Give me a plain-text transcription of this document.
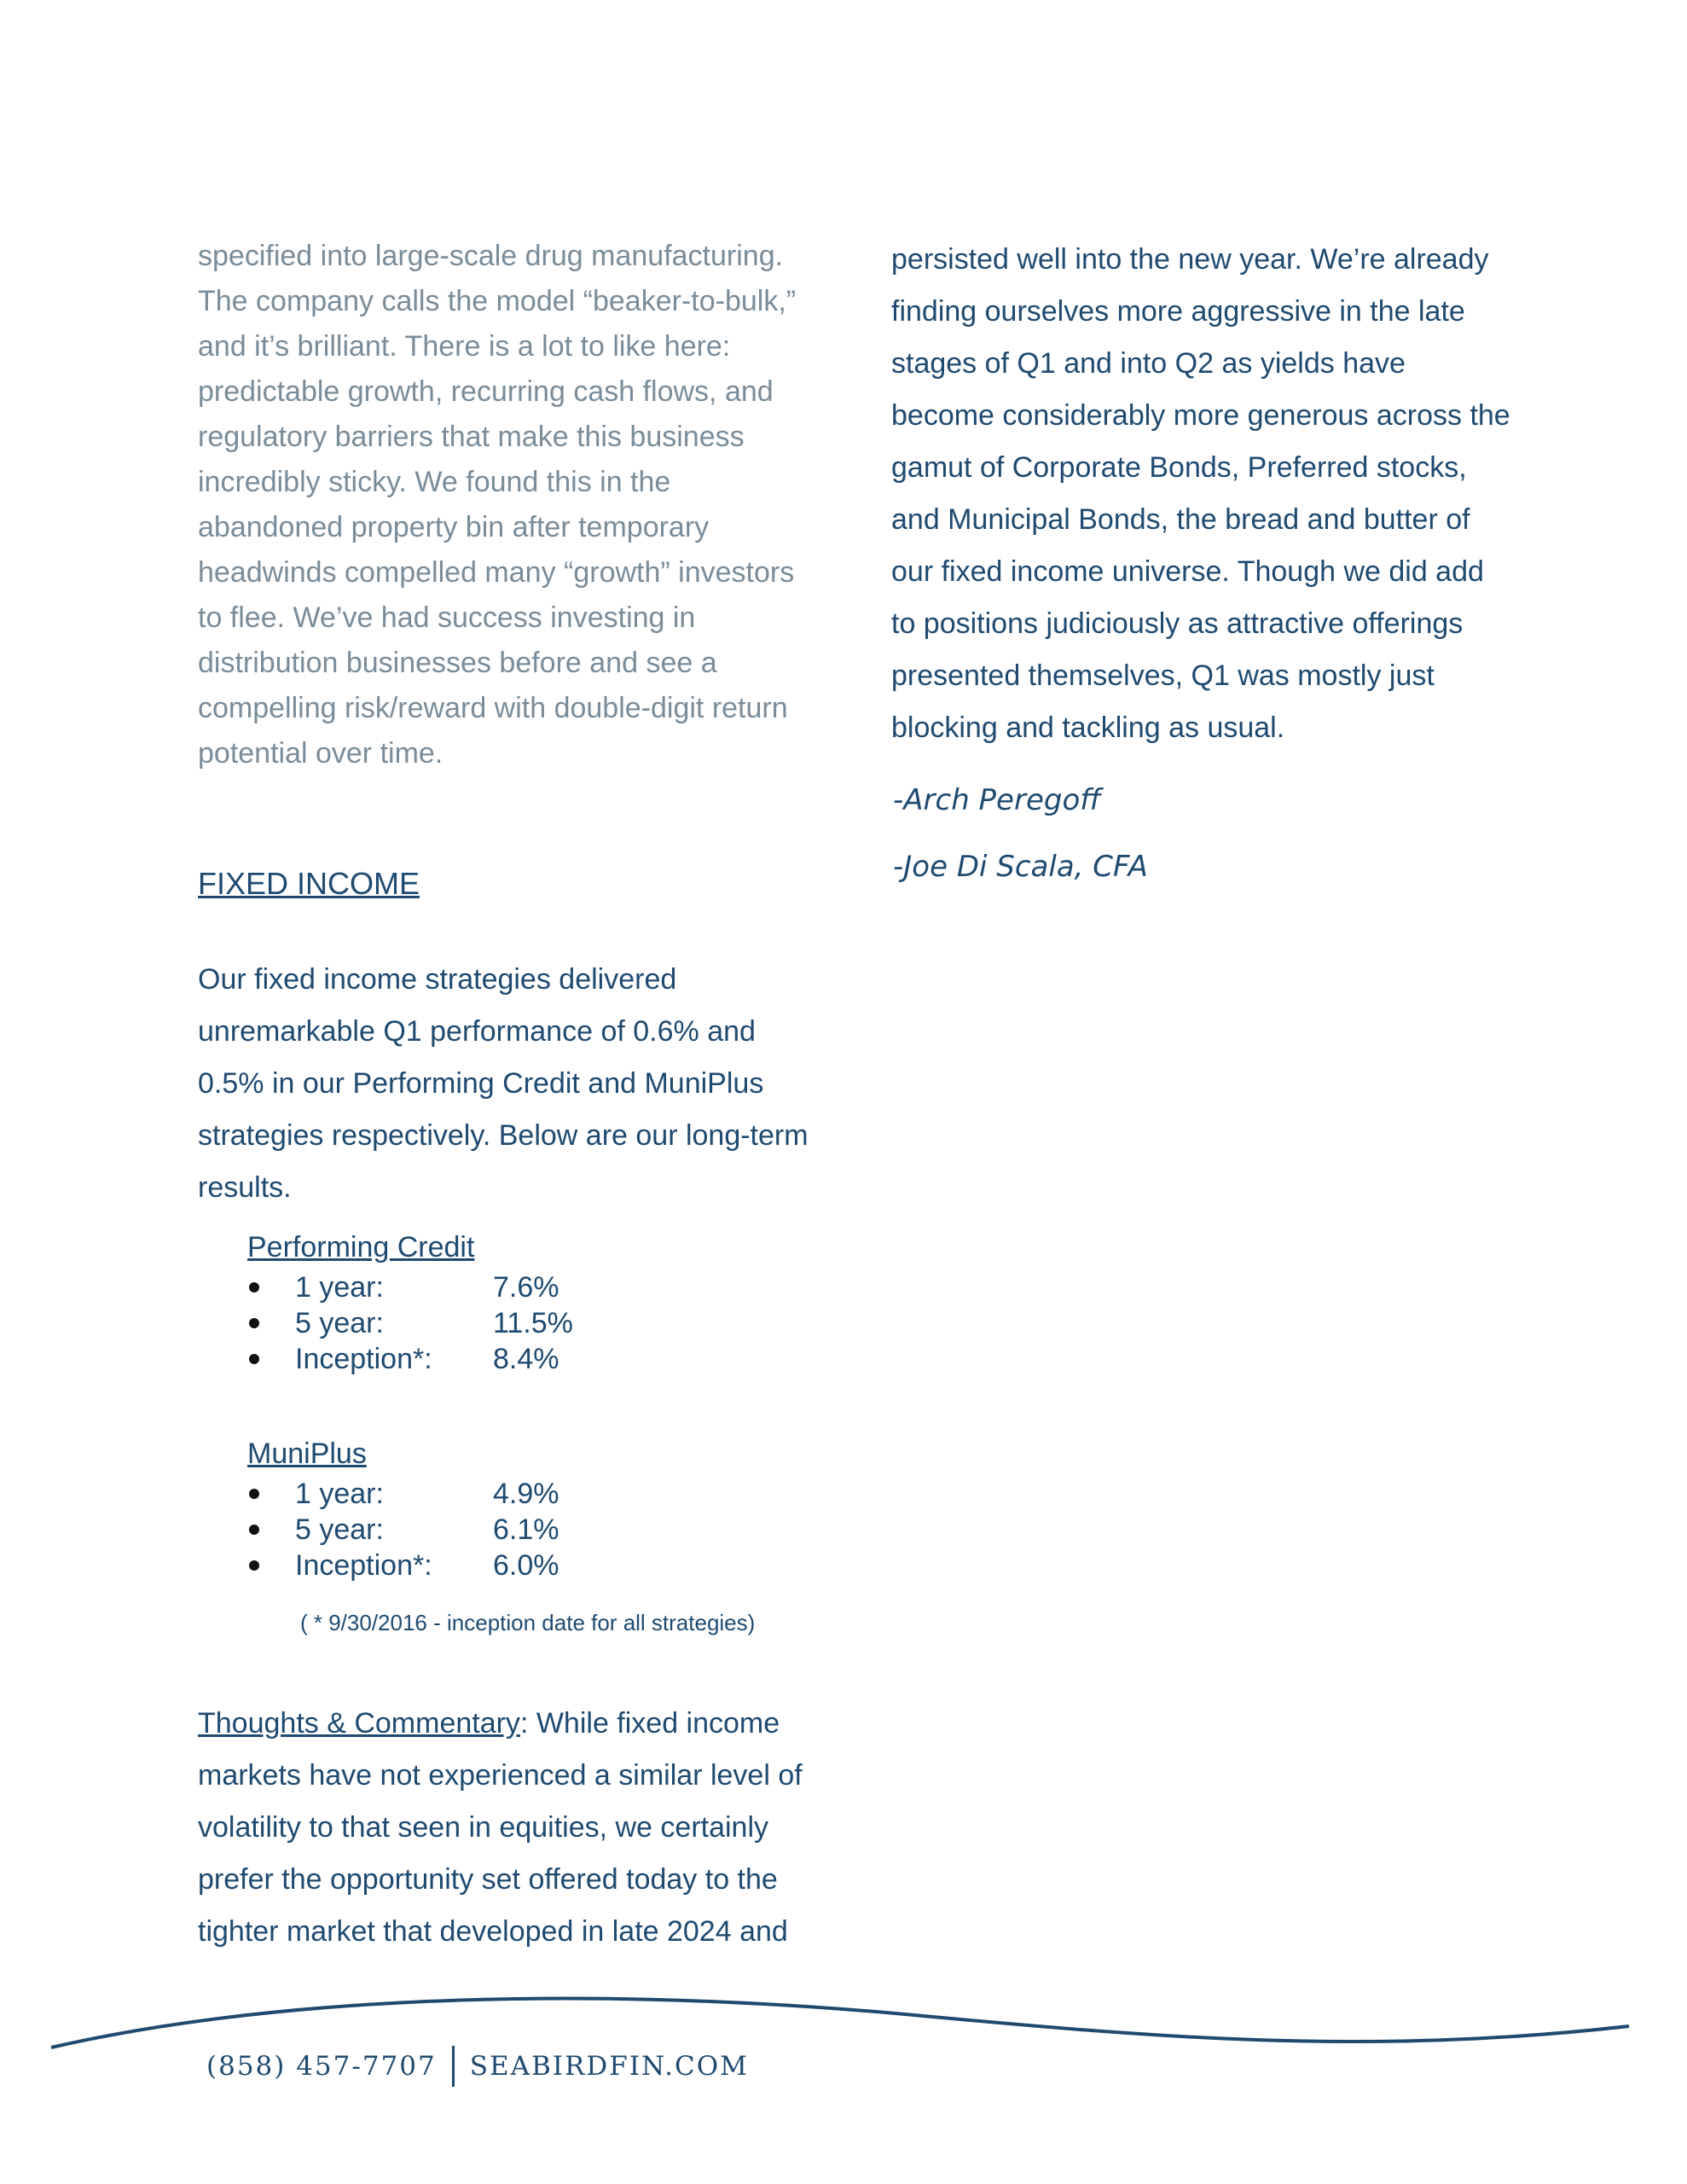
specified into large-scale drug manufacturing. The company calls the model “beaker-to-bulk,” and it’s brilliant. There is a lot to like here: predictable growth, recurring cash flows, and regulatory barriers that make this business incredibly sticky. We found this in the abandoned property bin after temporary headwinds compelled many “growth” investors to flee. We’ve had success investing in distribution businesses before and see a compelling risk/reward with double-digit return potential over time.

FIXED INCOME

Our fixed income strategies delivered unremarkable Q1 performance of 0.6% and 0.5% in our Performing Credit and MuniPlus strategies respectively. Below are our long-term results.

Performing Credit

1 year:	7.6%
5 year:	11.5%
Inception*:	8.4%

MuniPlus

1 year:	4.9%
5 year:	6.1%
Inception*:	6.0%
( * 9/30/2016 - inception date for all strategies)

Thoughts & Commentary: While fixed income markets have not experienced a similar level of volatility to that seen in equities, we certainly prefer the opportunity set offered today to the tighter market that developed in late 2024 and

persisted well into the new year. We’re already finding ourselves more aggressive in the late stages of Q1 and into Q2 as yields have become considerably more generous across the gamut of Corporate Bonds, Preferred stocks, and Municipal Bonds, the bread and butter of our fixed income universe. Though we did add to positions judiciously as attractive offerings presented themselves, Q1 was mostly just blocking and tackling as usual.

-Arch Peregoff

-Joe Di Scala, CFA

(858) 457-7707 SEABIRDFIN.COM
